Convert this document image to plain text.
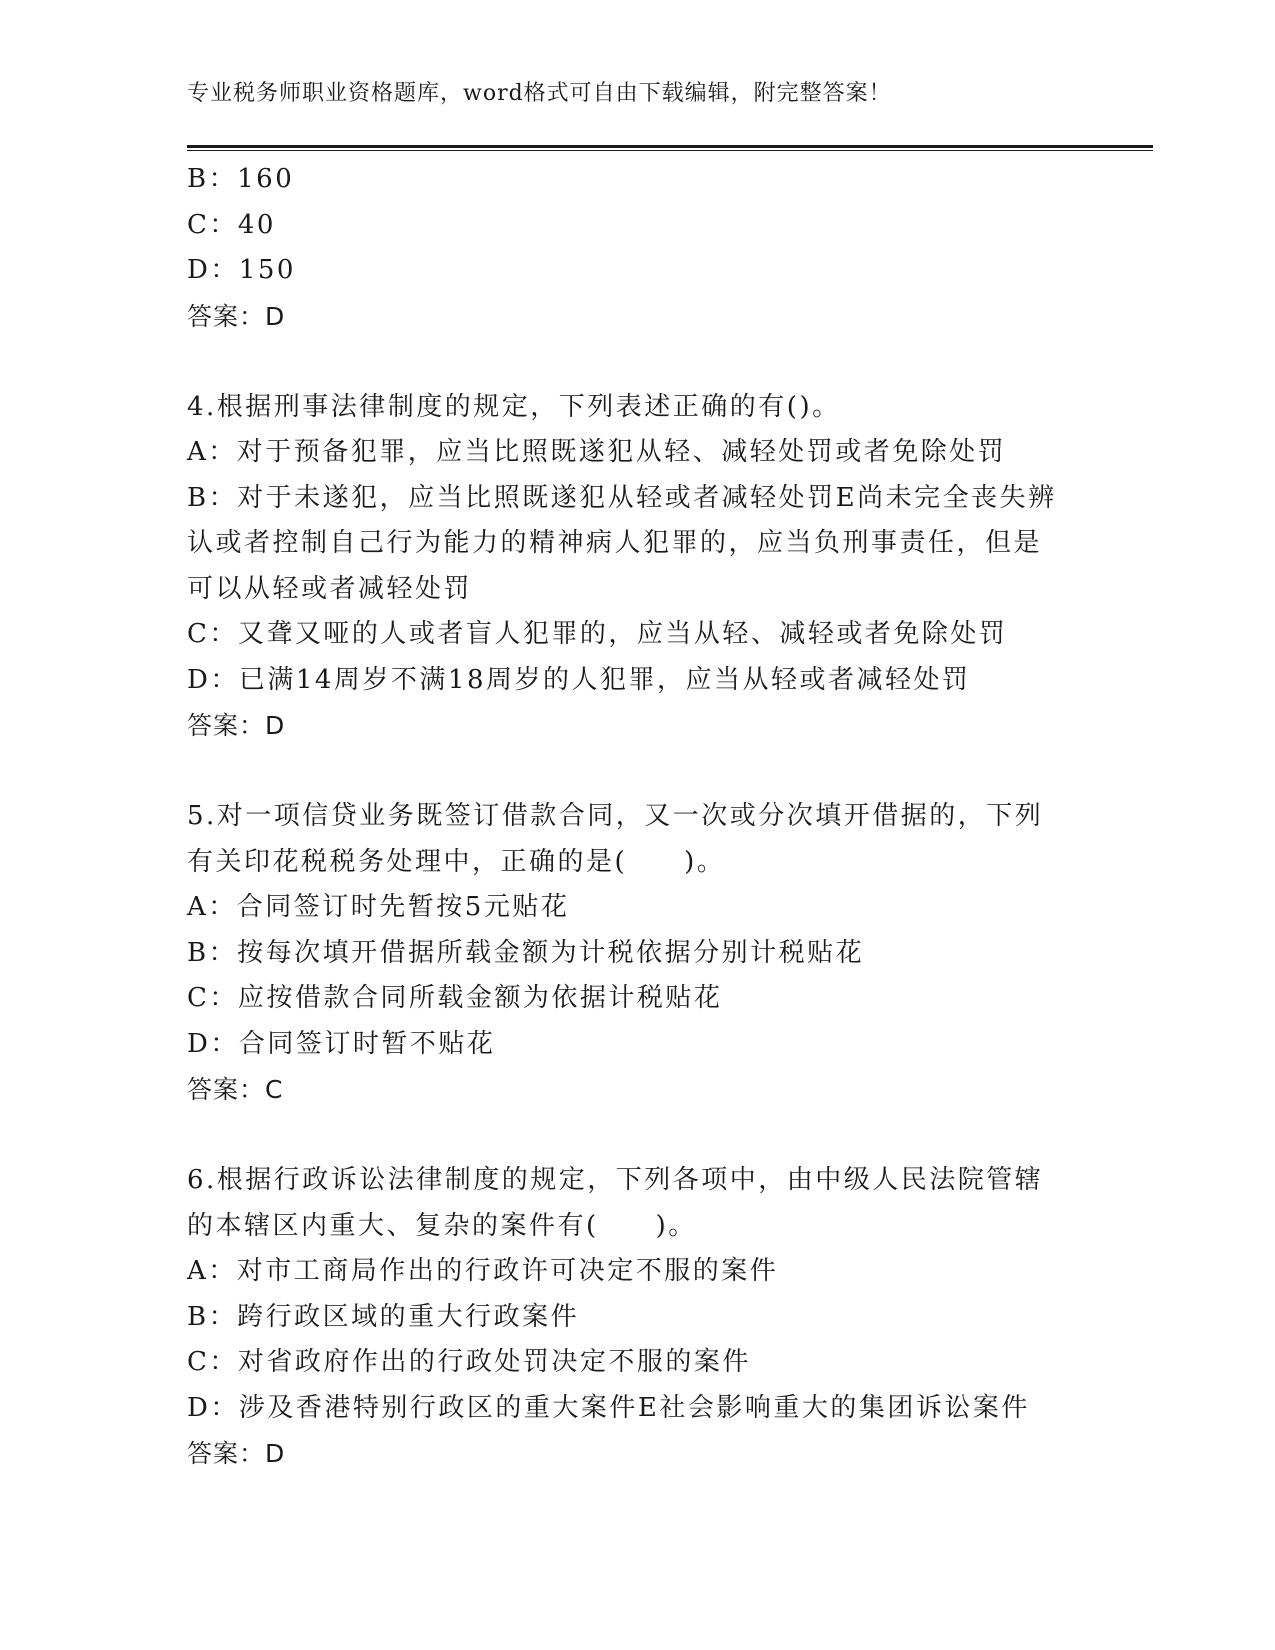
专业税务师职业资格题库，word格式可自由下载编辑，附完整答案！
B：160
C：40
D：150
答案：D
4.根据刑事法律制度的规定，下列表述正确的有()。
A：对于预备犯罪，应当比照既遂犯从轻、减轻处罚或者免除处罚
B：对于未遂犯，应当比照既遂犯从轻或者减轻处罚E尚未完全丧失辨
认或者控制自己行为能力的精神病人犯罪的，应当负刑事责任，但是
可以从轻或者减轻处罚
C：又聋又哑的人或者盲人犯罪的，应当从轻、减轻或者免除处罚
D：已满14周岁不满18周岁的人犯罪，应当从轻或者减轻处罚
答案：D
5.对一项信贷业务既签订借款合同，又一次或分次填开借据的，下列
有关印花税税务处理中，正确的是(　　)。
A：合同签订时先暂按5元贴花
B：按每次填开借据所载金额为计税依据分别计税贴花
C：应按借款合同所载金额为依据计税贴花
D：合同签订时暂不贴花
答案：C
6.根据行政诉讼法律制度的规定，下列各项中，由中级人民法院管辖
的本辖区内重大、复杂的案件有(　　)。
A：对市工商局作出的行政许可决定不服的案件
B：跨行政区域的重大行政案件
C：对省政府作出的行政处罚决定不服的案件
D：涉及香港特别行政区的重大案件E社会影响重大的集团诉讼案件
答案：D
